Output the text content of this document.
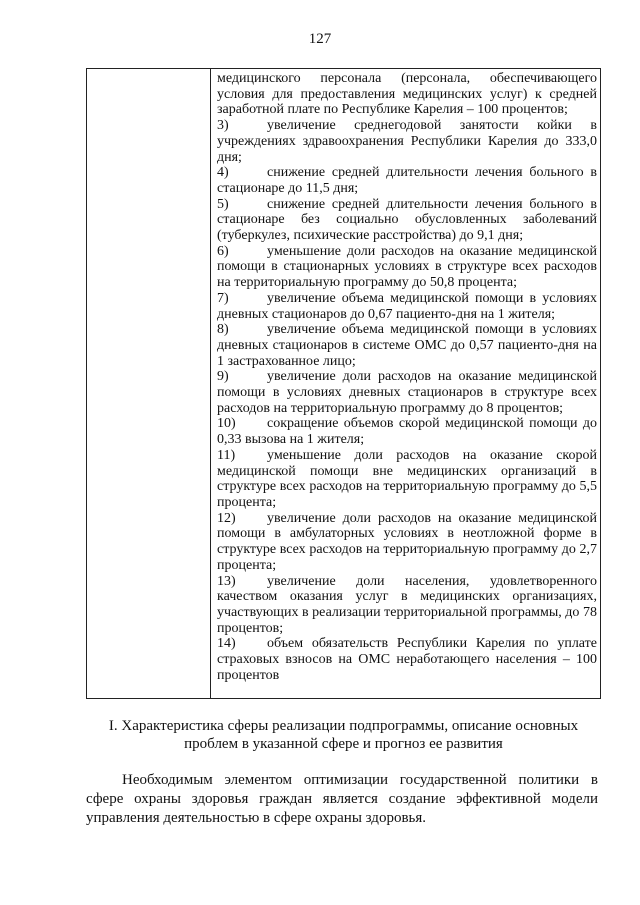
127

медицинского персонала (персонала, обеспечивающего условия для предоставления медицинских услуг) к средней заработной плате по Республике Карелия – 100 процентов;

3)	увеличение среднегодовой занятости койки в учреждениях здравоохранения Республики Карелия до 333,0 дня;

4)	снижение средней длительности лечения больного в стационаре до 11,5 дня;

5)	снижение средней длительности лечения больного в стационаре без социально обусловленных заболеваний (туберкулез, психические расстройства) до 9,1 дня;

6)	уменьшение доли расходов на оказание медицинской помощи в стационарных условиях в структуре всех расходов на территориальную программу до 50,8 процента;

7)	увеличение объема медицинской помощи в условиях дневных стационаров до 0,67 пациенто-дня на 1 жителя;

8)	увеличение объема медицинской помощи в условиях дневных стационаров в системе ОМС до 0,57 пациенто-дня на 1 застрахованное лицо;

9)	увеличение доли расходов на оказание медицинской помощи в условиях дневных стационаров в структуре всех расходов на территориальную программу до 8 процентов;

10) сокращение объемов скорой медицинской помощи до 0,33 вызова на 1 жителя;

11) уменьшение доли расходов на оказание скорой медицинской помощи вне медицинских организаций в структуре всех расходов на территориальную программу до 5,5 процента;

12) увеличение доли расходов на оказание медицинской помощи в амбулаторных условиях в неотложной форме в структуре всех расходов на территориальную программу до 2,7 процента;

13) увеличение доли населения, удовлетворенного качеством оказания услуг в медицинских организациях, участвующих в реализации территориальной программы, до 78 процентов;

14) объем обязательств Республики Карелия по уплате страховых взносов на ОМС неработающего населения – 100 процентов

I. Характеристика сферы реализации подпрограммы, описание основных
проблем в указанной сфере и прогноз ее развития

Необходимым элементом оптимизации государственной политики в сфере охраны здоровья граждан является создание эффективной модели управления деятельностью в сфере охраны здоровья.
